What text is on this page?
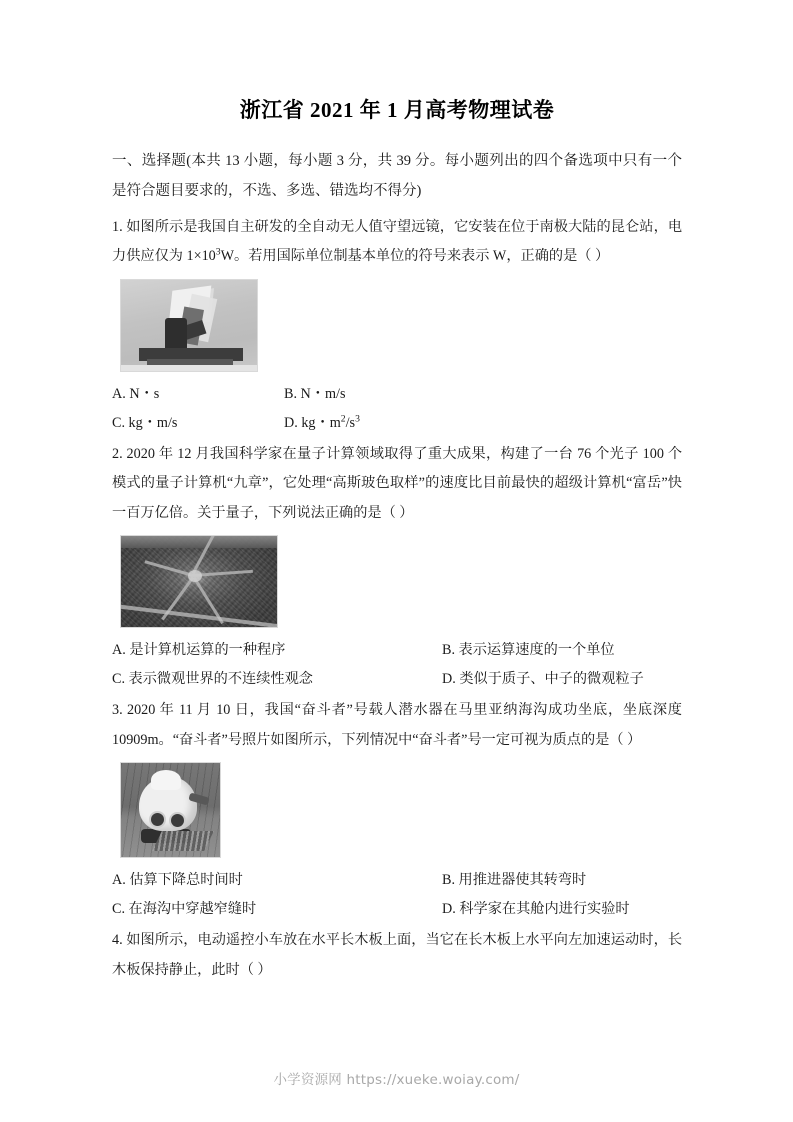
浙江省 2021 年 1 月高考物理试卷

一、选择题(本共 13 小题，每小题 3 分，共 39 分。每小题列出的四个备选项中只有一个是符合题目要求的，不选、多选、错选均不得分)

1. 如图所示是我国自主研发的全自动无人值守望远镜，它安装在位于南极大陆的昆仑站，电力供应仅为 $1\times 10^3W$。若用国际单位制基本单位的符号来表示 W，正确的是（ ）

A. N・s	B. N・m/s
C. kg・m/s	D. kg・$m^2/s^3$

2. 2020 年 12 月我国科学家在量子计算领域取得了重大成果，构建了一台 76 个光子 100 个模式的量子计算机“九章”，它处理“高斯玻色取样”的速度比目前最快的超级计算机“富岳”快一百万亿倍。关于量子，下列说法正确的是（ ）

A. 是计算机运算的一种程序	B. 表示运算速度的一个单位
C. 表示微观世界的不连续性观念	D. 类似于质子、中子的微观粒子

3. 2020 年 11 月 10 日，我国“奋斗者”号载人潜水器在马里亚纳海沟成功坐底，坐底深度 10909m。“奋斗者”号照片如图所示，下列情况中“奋斗者”号一定可视为质点的是（ ）

A. 估算下降总时间时	B. 用推进器使其转弯时
C. 在海沟中穿越窄缝时	D. 科学家在其舱内进行实验时

4. 如图所示，电动遥控小车放在水平长木板上面，当它在长木板上水平向左加速运动时，长木板保持静止，此时（ ）

小学资源网 https://xueke.woiay.com/
